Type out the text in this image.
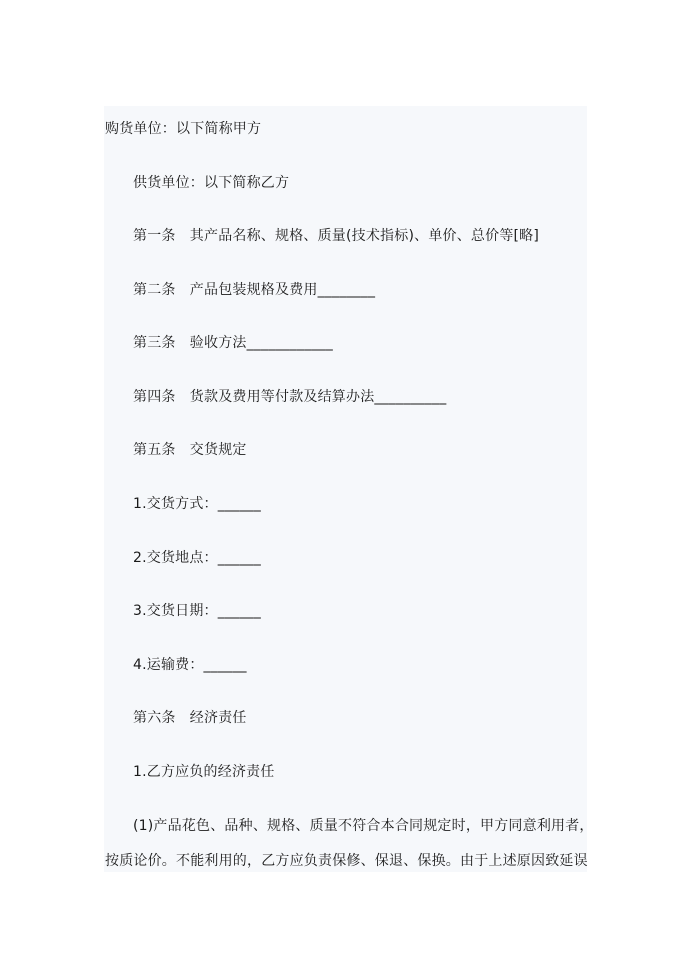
购货单位：以下简称甲方
供货单位：以下简称乙方
第一条　其产品名称、规格、质量(技术指标)、单价、总价等[略]
第二条　产品包装规格及费用________
第三条　验收方法____________
第四条　货款及费用等付款及结算办法__________
第五条　交货规定
1.交货方式：______
2.交货地点：______
3.交货日期：______
4.运输费：______
第六条　经济责任
1.乙方应负的经济责任
(1)产品花色、品种、规格、质量不符合本合同规定时，甲方同意利用者，
按质论价。不能利用的，乙方应负责保修、保退、保换。由于上述原因致延误
